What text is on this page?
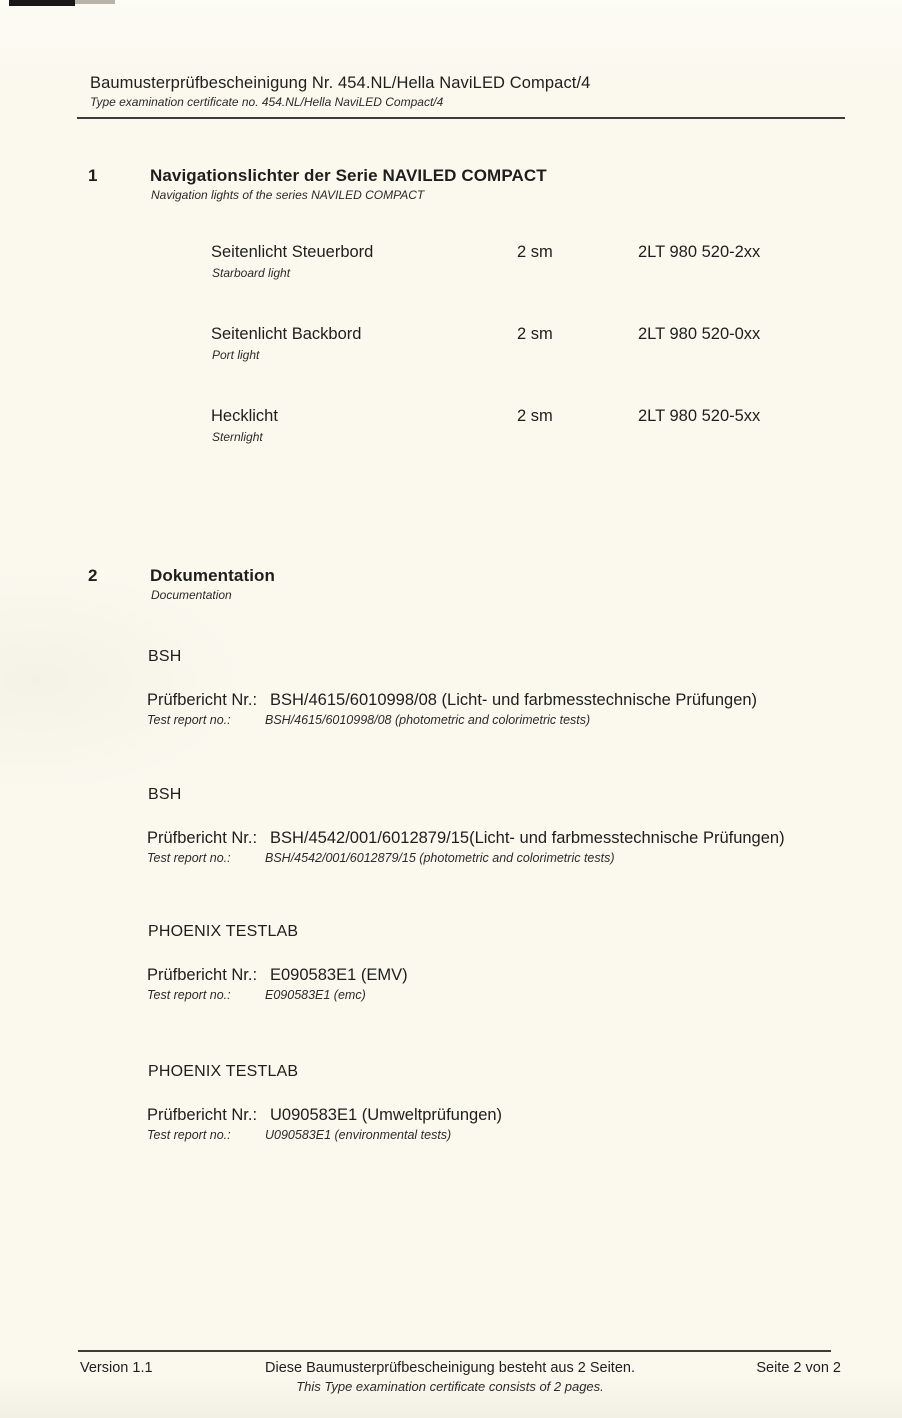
Baumusterprüfbescheinigung Nr. 454.NL/Hella NaviLED Compact/4
Type examination certificate no. 454.NL/Hella NaviLED Compact/4
1	Navigationslichter der Serie NAVILED COMPACT
Navigation lights of the series NAVILED COMPACT
Seitenlicht Steuerbord
Starboard light
2 sm	2LT 980 520-2xx
Seitenlicht Backbord
Port light
2 sm	2LT 980 520-0xx
Hecklicht
Sternlight
2 sm	2LT 980 520-5xx
2	Dokumentation
Documentation
BSH
Prüfbericht Nr.: BSH/4615/6010998/08 (Licht- und farbmesstechnische Prüfungen)
Test report no.:	BSH/4615/6010998/08 (photometric and colorimetric tests)
BSH
Prüfbericht Nr.: BSH/4542/001/6012879/15(Licht- und farbmesstechnische Prüfungen)
Test report no.:	BSH/4542/001/6012879/15 (photometric and colorimetric tests)
PHOENIX TESTLAB
Prüfbericht Nr.: E090583E1 (EMV)
Test report no.:	E090583E1 (emc)
PHOENIX TESTLAB
Prüfbericht Nr.: U090583E1 (Umweltprüfungen)
Test report no.:	U090583E1 (environmental tests)
Version 1.1	Diese Baumusterprüfbescheinigung besteht aus 2 Seiten.
This Type examination certificate consists of 2 pages.
Seite 2 von 2
